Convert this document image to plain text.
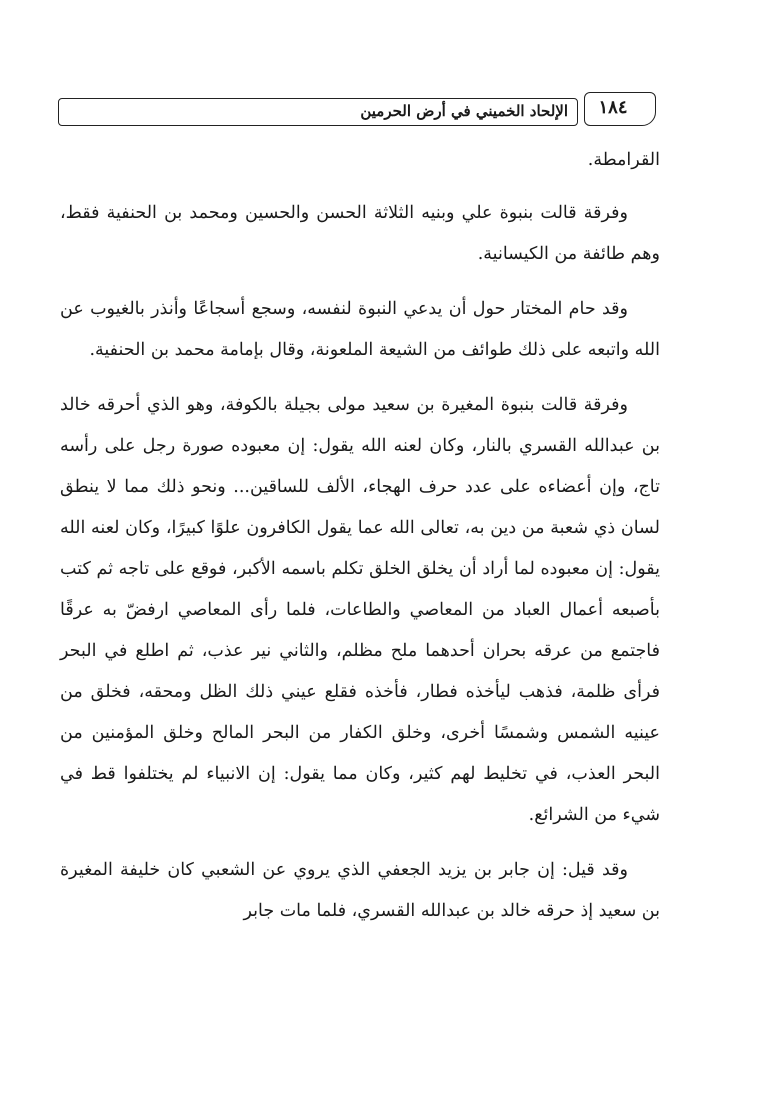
الإلحاد الخميني في أرض الحرمين	١٨٤

القرامطة.

وفرقة قالت بنبوة علي وبنيه الثلاثة الحسن والحسين ومحمد بن الحنفية فقط، وهم طائفة من الكيسانية.

وقد حام المختار حول أن يدعي النبوة لنفسه، وسجع أسجاعًا وأنذر بالغيوب عن الله واتبعه على ذلك طوائف من الشيعة الملعونة، وقال بإمامة محمد بن الحنفية.

وفرقة قالت بنبوة المغيرة بن سعيد مولى بجيلة بالكوفة، وهو الذي أحرقه خالد بن عبدالله القسري بالنار، وكان لعنه الله يقول: إن معبوده صورة رجل على رأسه تاج، وإن أعضاءه على عدد حرف الهجاء، الألف للساقين... ونحو ذلك مما لا ينطق لسان ذي شعبة من دين به، تعالى الله عما يقول الكافرون علوًا كبيرًا، وكان لعنه الله يقول: إن معبوده لما أراد أن يخلق الخلق تكلم باسمه الأكبر، فوقع على تاجه ثم كتب بأصبعه أعمال العباد من المعاصي والطاعات، فلما رأى المعاصي ارفضّ به عرقًا فاجتمع من عرقه بحران أحدهما ملح مظلم، والثاني نير عذب، ثم اطلع في البحر فرأى ظلمة، فذهب ليأخذه فطار، فأخذه فقلع عيني ذلك الظل ومحقه، فخلق من عينيه الشمس وشمسًا أخرى، وخلق الكفار من البحر المالح وخلق المؤمنين من البحر العذب، في تخليط لهم كثير، وكان مما يقول: إن الانبياء لم يختلفوا قط في شيء من الشرائع.

وقد قيل: إن جابر بن يزيد الجعفي الذي يروي عن الشعبي كان خليفة المغيرة بن سعيد إذ حرقه خالد بن عبدالله القسري، فلما مات جابر
